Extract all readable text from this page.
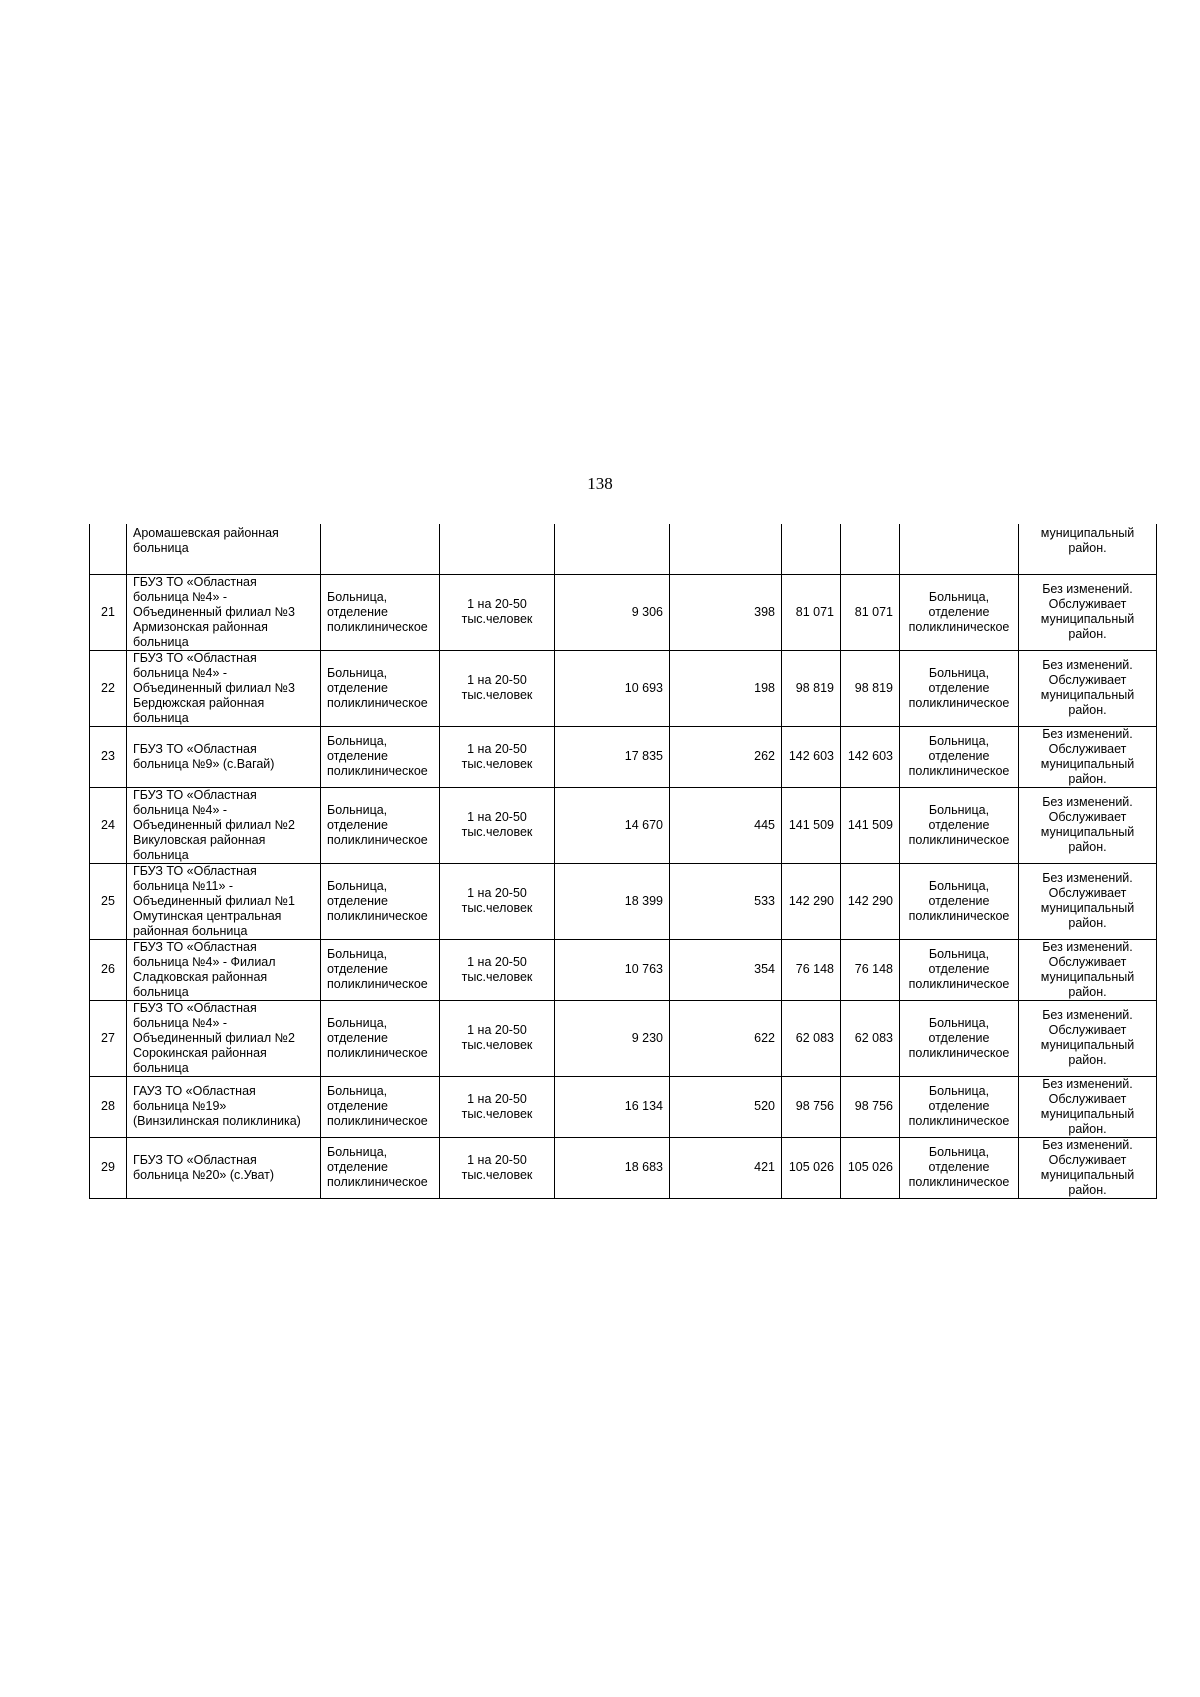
138
	Аромашевская районная больница								муниципальный район.
21	ГБУЗ ТО «Областная больница №4» - Объединенный филиал №3 Армизонская районная больница	Больница, отделение поликлиническое	1 на 20-50 тыс.человек	9 306	398	81 071	81 071	Больница, отделение поликлиническое	Без изменений. Обслуживает муниципальный район.
22	ГБУЗ ТО «Областная больница №4» - Объединенный филиал №3 Бердюжская районная больница	Больница, отделение поликлиническое	1 на 20-50 тыс.человек	10 693	198	98 819	98 819	Больница, отделение поликлиническое	Без изменений. Обслуживает муниципальный район.
23	ГБУЗ ТО «Областная больница №9» (с.Вагай)	Больница, отделение поликлиническое	1 на 20-50 тыс.человек	17 835	262	142 603	142 603	Больница, отделение поликлиническое	Без изменений. Обслуживает муниципальный район.
24	ГБУЗ ТО «Областная больница №4» - Объединенный филиал №2 Викуловская районная больница	Больница, отделение поликлиническое	1 на 20-50 тыс.человек	14 670	445	141 509	141 509	Больница, отделение поликлиническое	Без изменений. Обслуживает муниципальный район.
25	ГБУЗ ТО «Областная больница №11» - Объединенный филиал №1 Омутинская центральная районная больница	Больница, отделение поликлиническое	1 на 20-50 тыс.человек	18 399	533	142 290	142 290	Больница, отделение поликлиническое	Без изменений. Обслуживает муниципальный район.
26	ГБУЗ ТО «Областная больница №4» - Филиал Сладковская районная больница	Больница, отделение поликлиническое	1 на 20-50 тыс.человек	10 763	354	76 148	76 148	Больница, отделение поликлиническое	Без изменений. Обслуживает муниципальный район.
27	ГБУЗ ТО «Областная больница №4» - Объединенный филиал №2 Сорокинская районная больница	Больница, отделение поликлиническое	1 на 20-50 тыс.человек	9 230	622	62 083	62 083	Больница, отделение поликлиническое	Без изменений. Обслуживает муниципальный район.
28	ГАУЗ ТО «Областная больница №19» (Винзилинская поликлиника)	Больница, отделение поликлиническое	1 на 20-50 тыс.человек	16 134	520	98 756	98 756	Больница, отделение поликлиническое	Без изменений. Обслуживает муниципальный район.
29	ГБУЗ ТО «Областная больница №20» (с.Уват)	Больница, отделение поликлиническое	1 на 20-50 тыс.человек	18 683	421	105 026	105 026	Больница, отделение поликлиническое	Без изменений. Обслуживает муниципальный район.
